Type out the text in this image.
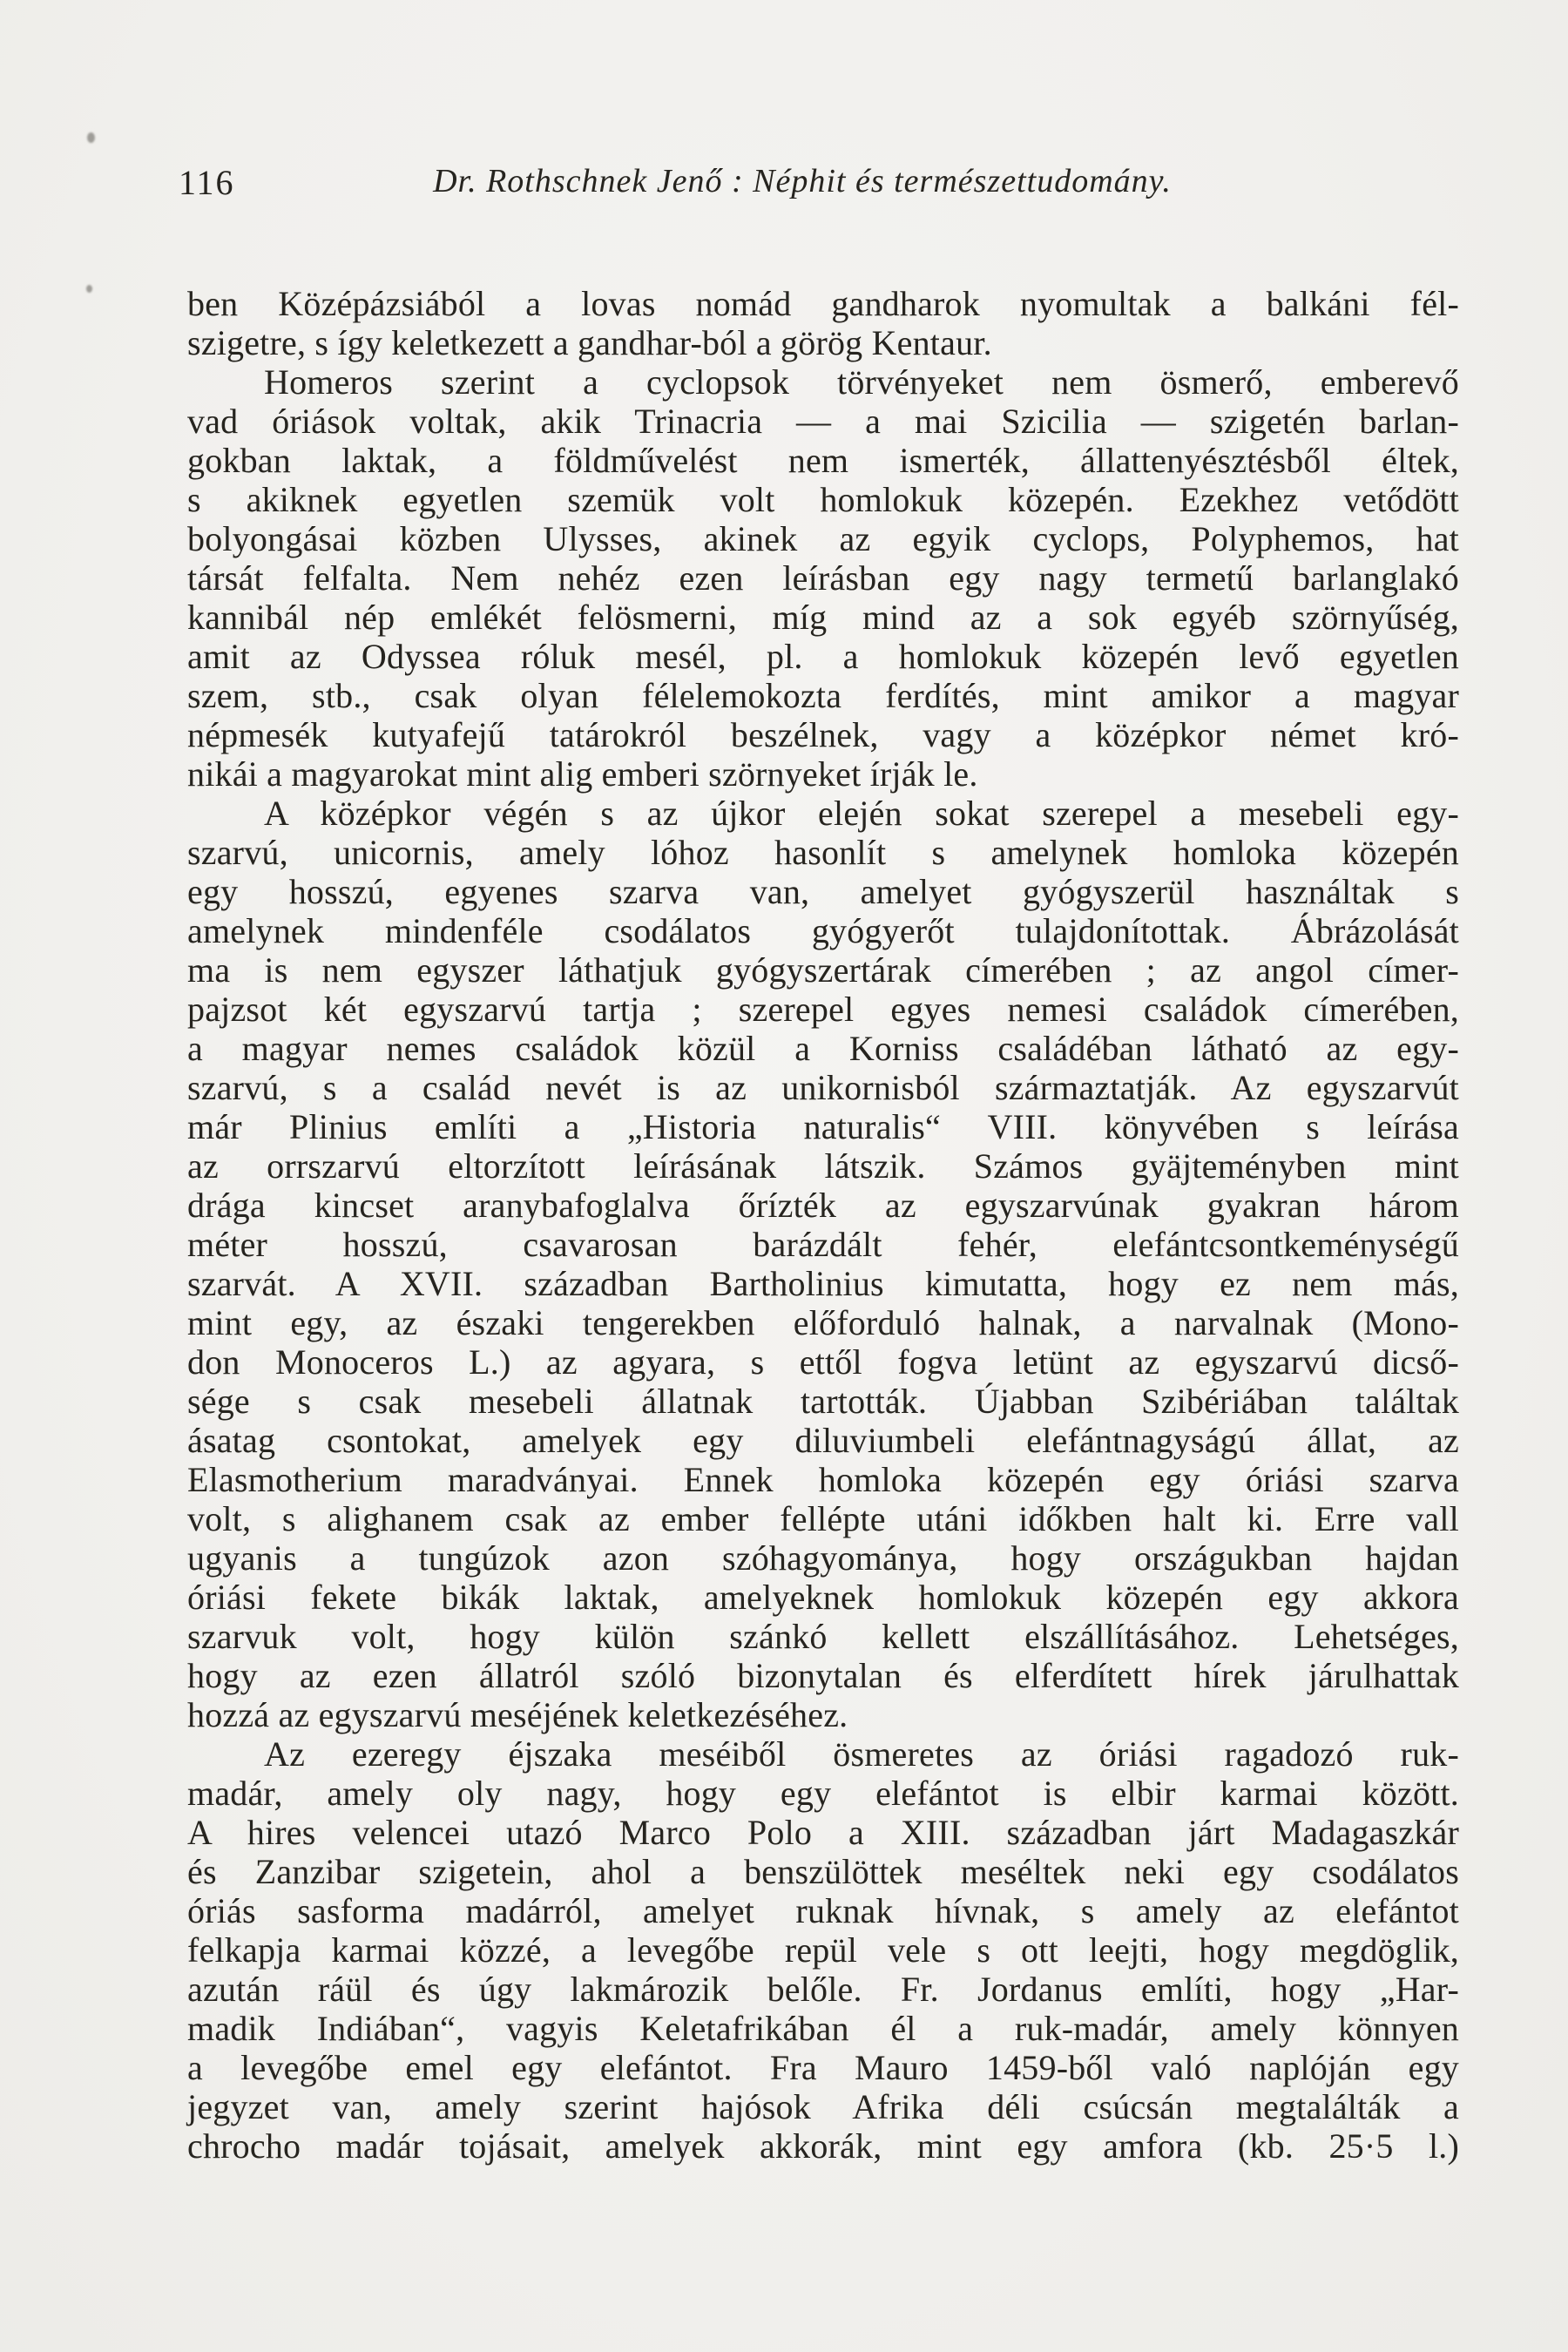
116	Dr. Rothschnek Jenő : Néphit és természettudomány.
ben Középázsiából a lovas nomád gandharok nyomultak a balkáni fél-
szigetre, s így keletkezett a gandhar-ból a görög Kentaur.
Homeros szerint a cyclopsok törvényeket nem ösmerő, emberevő
vad óriások voltak, akik Trinacria — a mai Szicilia — szigetén barlan-
gokban laktak, a földművelést nem ismerték, állattenyésztésből éltek,
s akiknek egyetlen szemük volt homlokuk közepén. Ezekhez vetődött
bolyongásai közben Ulysses, akinek az egyik cyclops, Polyphemos, hat
társát felfalta. Nem nehéz ezen leírásban egy nagy termetű barlanglakó
kannibál nép emlékét felösmerni, míg mind az a sok egyéb szörnyűség,
amit az Odyssea róluk mesél, pl. a homlokuk közepén levő egyetlen
szem, stb., csak olyan félelemokozta ferdítés, mint amikor a magyar
népmesék kutyafejű tatárokról beszélnek, vagy a középkor német kró-
nikái a magyarokat mint alig emberi szörnyeket írják le.
A középkor végén s az újkor elején sokat szerepel a mesebeli egy-
szarvú, unicornis, amely lóhoz hasonlít s amelynek homloka közepén
egy hosszú, egyenes szarva van, amelyet gyógyszerül használtak s
amelynek mindenféle csodálatos gyógyerőt tulajdonítottak. Ábrázolását
ma is nem egyszer láthatjuk gyógyszertárak címerében ; az angol címer-
pajzsot két egyszarvú tartja ; szerepel egyes nemesi családok címerében,
a magyar nemes családok közül a Korniss családéban látható az egy-
szarvú, s a család nevét is az unikornisból származtatják. Az egyszarvút
már Plinius említi a „Historia naturalis“ VIII. könyvében s leírása
az orrszarvú eltorzított leírásának látszik. Számos gyäjteményben mint
drága kincset aranybafoglalva őrízték az egyszarvúnak gyakran három
méter hosszú, csavarosan barázdált fehér, elefántcsontkeménységű
szarvát. A XVII. században Bartholinius kimutatta, hogy ez nem más,
mint egy, az északi tengerekben előforduló halnak, a narvalnak (Mono-
don Monoceros L.) az agyara, s ettől fogva letünt az egyszarvú dicső-
sége s csak mesebeli állatnak tartották. Újabban Szibériában találtak
ásatag csontokat, amelyek egy diluviumbeli elefántnagyságú állat, az
Elasmotherium maradványai. Ennek homloka közepén egy óriási szarva
volt, s alighanem csak az ember fellépte utáni időkben halt ki. Erre vall
ugyanis a tungúzok azon szóhagyománya, hogy országukban hajdan
óriási fekete bikák laktak, amelyeknek homlokuk közepén egy akkora
szarvuk volt, hogy külön szánkó kellett elszállításához. Lehetséges,
hogy az ezen állatról szóló bizonytalan és elferdített hírek járulhattak
hozzá az egyszarvú meséjének keletkezéséhez.
Az ezeregy éjszaka meséiből ösmeretes az óriási ragadozó ruk-
madár, amely oly nagy, hogy egy elefántot is elbir karmai között.
A hires velencei utazó Marco Polo a XIII. században járt Madagaszkár
és Zanzibar szigetein, ahol a benszülöttek meséltek neki egy csodálatos
óriás sasforma madárról, amelyet ruknak hívnak, s amely az elefántot
felkapja karmai közzé, a levegőbe repül vele s ott leejti, hogy megdöglik,
azután ráül és úgy lakmározik belőle. Fr. Jordanus említi, hogy „Har-
madik Indiában“, vagyis Keletafrikában él a ruk-madár, amely könnyen
a levegőbe emel egy elefántot. Fra Mauro 1459-ből való naplóján egy
jegyzet van, amely szerint hajósok Afrika déli csúcsán megtalálták a
chrocho madár tojásait, amelyek akkorák, mint egy amfora (kb. 25·5 l.)
